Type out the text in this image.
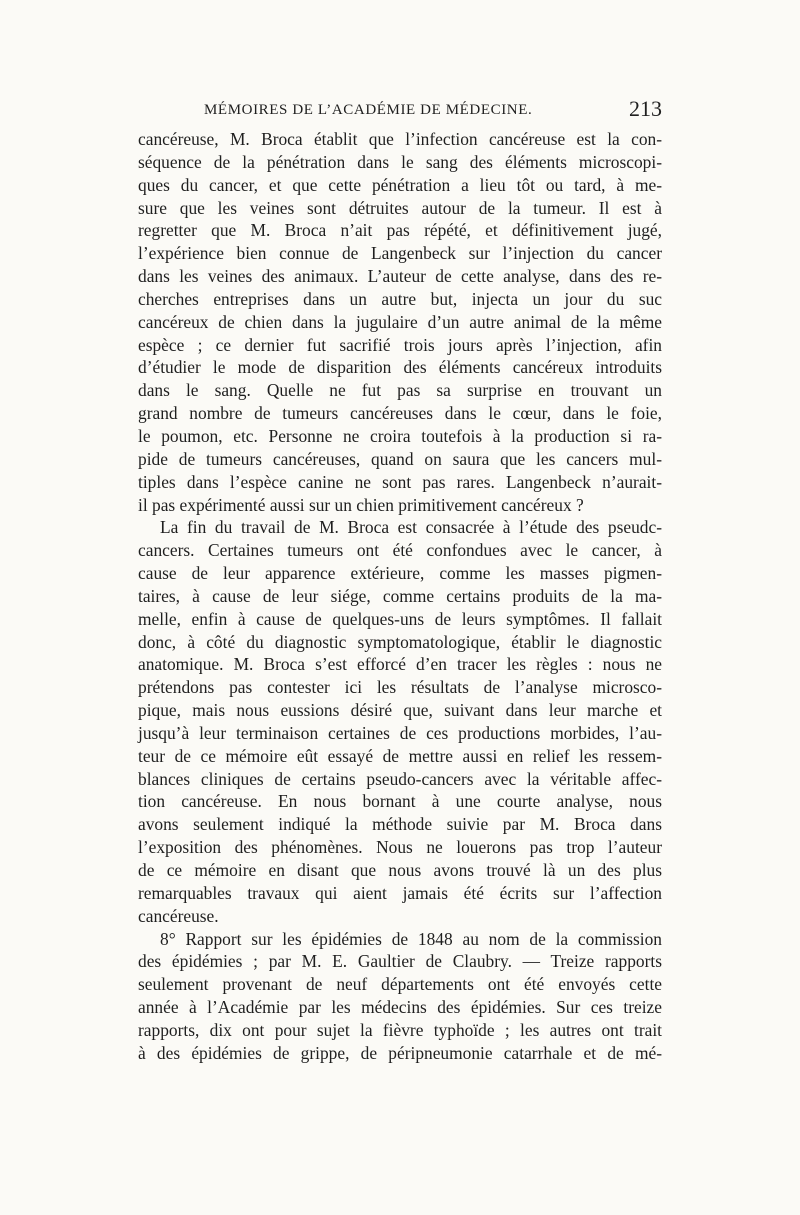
MÉMOIRES DE L’ACADÉMIE DE MÉDECINE.	213
cancéreuse, M. Broca établit que l’infection cancéreuse est la con-
séquence de la pénétration dans le sang des éléments microscopi-
ques du cancer, et que cette pénétration a lieu tôt ou tard, à me-
sure que les veines sont détruites autour de la tumeur. Il est à
regretter que M. Broca n’ait pas répété, et définitivement jugé,
l’expérience bien connue de Langenbeck sur l’injection du cancer
dans les veines des animaux. L’auteur de cette analyse, dans des re-
cherches entreprises dans un autre but, injecta un jour du suc
cancéreux de chien dans la jugulaire d’un autre animal de la même
espèce ; ce dernier fut sacrifié trois jours après l’injection, afin
d’étudier le mode de disparition des éléments cancéreux introduits
dans le sang. Quelle ne fut pas sa surprise en trouvant un
grand nombre de tumeurs cancéreuses dans le cœur, dans le foie,
le poumon, etc. Personne ne croira toutefois à la production si ra-
pide de tumeurs cancéreuses, quand on saura que les cancers mul-
tiples dans l’espèce canine ne sont pas rares. Langenbeck n’aurait-
il pas expérimenté aussi sur un chien primitivement cancéreux ?
La fin du travail de M. Broca est consacrée à l’étude des pseudc-
cancers. Certaines tumeurs ont été confondues avec le cancer, à
cause de leur apparence extérieure, comme les masses pigmen-
taires, à cause de leur siége, comme certains produits de la ma-
melle, enfin à cause de quelques-uns de leurs symptômes. Il fallait
donc, à côté du diagnostic symptomatologique, établir le diagnostic
anatomique. M. Broca s’est efforcé d’en tracer les règles : nous ne
prétendons pas contester ici les résultats de l’analyse microsco-
pique, mais nous eussions désiré que, suivant dans leur marche et
jusqu’à leur terminaison certaines de ces productions morbides, l’au-
teur de ce mémoire eût essayé de mettre aussi en relief les ressem-
blances cliniques de certains pseudo-cancers avec la véritable affec-
tion cancéreuse. En nous bornant à une courte analyse, nous
avons seulement indiqué la méthode suivie par M. Broca dans
l’exposition des phénomènes. Nous ne louerons pas trop l’auteur
de ce mémoire en disant que nous avons trouvé là un des plus
remarquables travaux qui aient jamais été écrits sur l’affection
cancéreuse.
8° Rapport sur les épidémies de 1848 au nom de la commission
des épidémies ; par M. E. Gaultier de Claubry. — Treize rapports
seulement provenant de neuf départements ont été envoyés cette
année à l’Académie par les médecins des épidémies. Sur ces treize
rapports, dix ont pour sujet la fièvre typhoïde ; les autres ont trait
à des épidémies de grippe, de péripneumonie catarrhale et de mé-
